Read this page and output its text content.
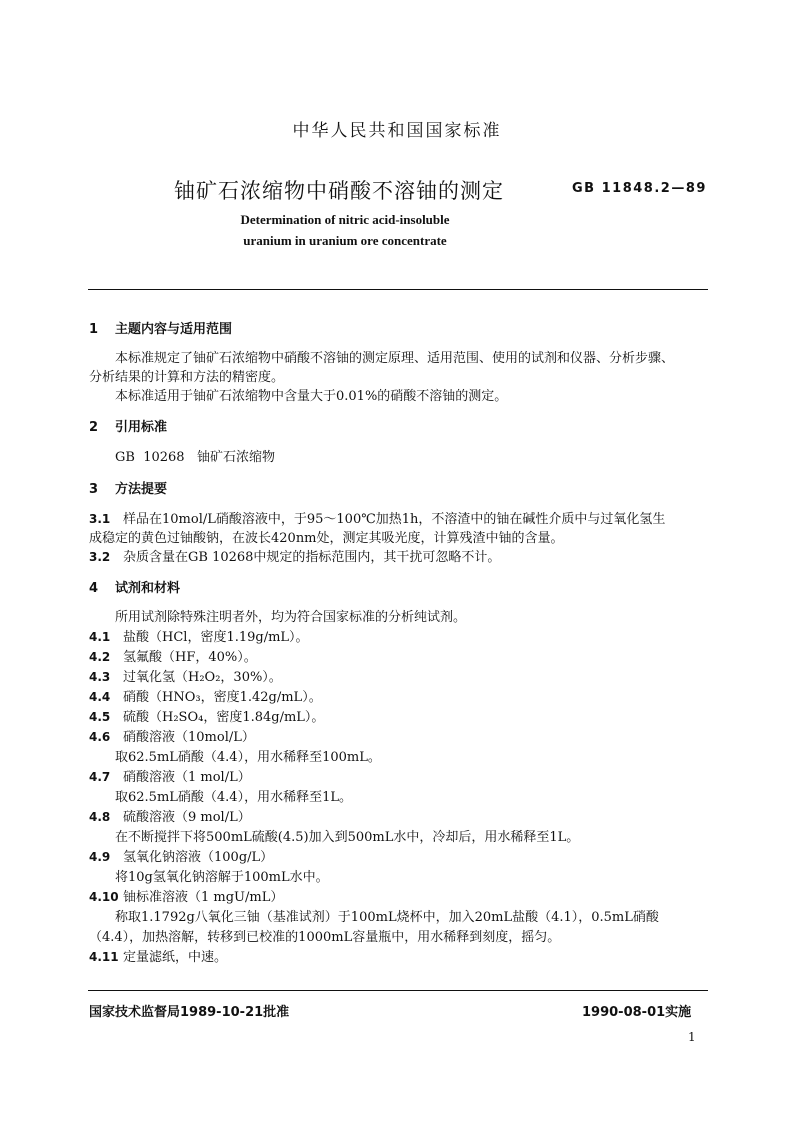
中华人民共和国国家标准
铀矿石浓缩物中硝酸不溶铀的测定	GB 11848.2—89
Determination of nitric acid-insoluble
uranium in uranium ore concentrate
1 主题内容与适用范围
本标准规定了铀矿石浓缩物中硝酸不溶铀的测定原理、适用范围、使用的试剂和仪器、分析步骤、
分析结果的计算和方法的精密度。
本标准适用于铀矿石浓缩物中含量大于0.01%的硝酸不溶铀的测定。
2 引用标准
GB  10268   铀矿石浓缩物
3 方法提要
3.1 样品在10mol/L硝酸溶液中，于95～100℃加热1h，不溶渣中的铀在碱性介质中与过氧化氢生
成稳定的黄色过铀酸钠，在波长420nm处，测定其吸光度，计算残渣中铀的含量。
3.2 杂质含量在GB 10268中规定的指标范围内，其干扰可忽略不计。
4 试剂和材料
所用试剂除特殊注明者外，均为符合国家标准的分析纯试剂。
4.1 盐酸（HCl，密度1.19g/mL）。
4.2 氢氟酸（HF，40%）。
4.3 过氧化氢（H₂O₂，30%）。
4.4 硝酸（HNO₃，密度1.42g/mL）。
4.5 硫酸（H₂SO₄，密度1.84g/mL）。
4.6 硝酸溶液（10mol/L）
取62.5mL硝酸（4.4），用水稀释至100mL。
4.7 硝酸溶液（1 mol/L）
取62.5mL硝酸（4.4），用水稀释至1L。
4.8 硫酸溶液（9 mol/L）
在不断搅拌下将500mL硫酸(4.5)加入到500mL水中，冷却后，用水稀释至1L。
4.9 氢氧化钠溶液（100g/L）
将10g氢氧化钠溶解于100mL水中。
4.10 铀标准溶液（1 mgU/mL）
称取1.1792g八氧化三铀（基准试剂）于100mL烧杯中，加入20mL盐酸（4.1），0.5mL硝酸
（4.4），加热溶解，转移到已校准的1000mL容量瓶中，用水稀释到刻度，摇匀。
4.11 定量滤纸，中速。
国家技术监督局1989-10-21批准	1990-08-01实施
1
